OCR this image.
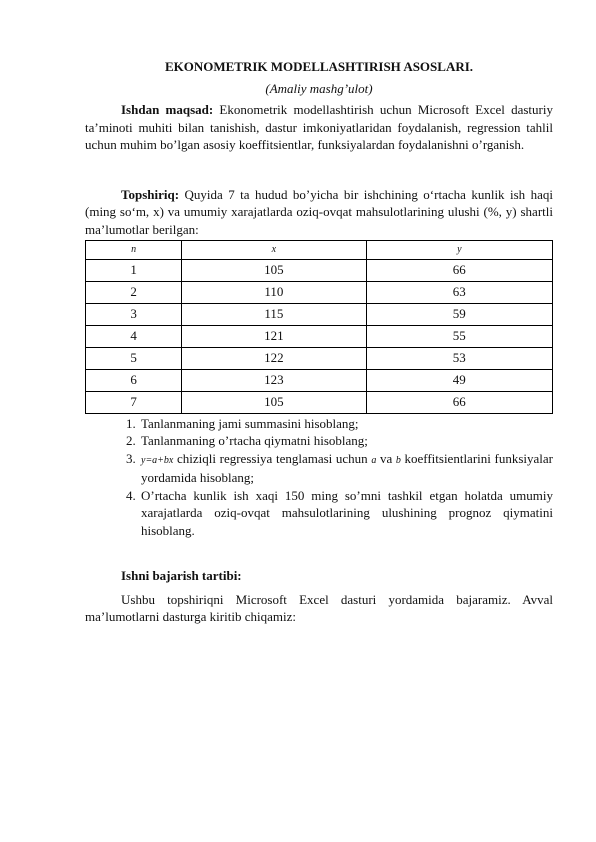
EKONOMETRIK MODELLASHTIRISH ASOSLARI.

(Amaliy mashg’ulot)

Ishdan maqsad: Ekonometrik modellashtirish uchun Microsoft Excel dasturiy ta’minoti muhiti bilan tanishish, dastur imkoniyatlaridan foydalanish, regression tahlil uchun muhim bo’lgan asosiy koeffitsientlar, funksiyalardan foydalanishni o’rganish.

Topshiriq: Quyida 7 ta hudud bo’yicha bir ishchining oʻrtacha kunlik ish haqi (ming soʻm, x) va umumiy xarajatlarda oziq-ovqat mahsulotlarining ulushi (%, y) shartli ma’lumotlar berilgan:

n	x	y
1	105	66
2	110	63
3	115	59
4	121	55
5	122	53
6	123	49
7	105	66
1. Tanlanmaning jami summasini hisoblang;
2. Tanlanmaning o’rtacha qiymatni hisoblang;
3. y=a+bx chiziqli regressiya tenglamasi uchun a va b koeffitsientlarini funksiyalar yordamida hisoblang;
4. O’rtacha kunlik ish xaqi 150 ming so’mni tashkil etgan holatda umumiy xarajatlarda oziq-ovqat mahsulotlarining ulushining prognoz qiymatini hisoblang.

Ishni bajarish tartibi:

Ushbu topshiriqni Microsoft Excel dasturi yordamida bajaramiz. Avval ma’lumotlarni dasturga kiritib chiqamiz:
